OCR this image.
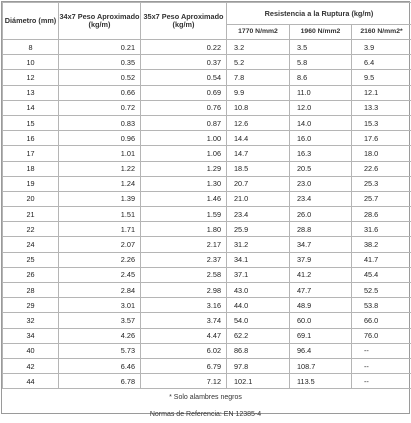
Diámetro (mm)	34x7 Peso Aproximado (kg/m)	35x7 Peso Aproximado (kg/m)	Resistencia a la Ruptura (kg/m)		
			1770 N/mm2	1960 N/mm2	2160 N/mm2*
8	0.21	0.22	3.2	3.5	3.9
10	0.35	0.37	5.2	5.8	6.4
12	0.52	0.54	7.8	8.6	9.5
13	0.66	0.69	9.9	11.0	12.1
14	0.72	0.76	10.8	12.0	13.3
15	0.83	0.87	12.6	14.0	15.3
16	0.96	1.00	14.4	16.0	17.6
17	1.01	1.06	14.7	16.3	18.0
18	1.22	1.29	18.5	20.5	22.6
19	1.24	1.30	20.7	23.0	25.3
20	1.39	1.46	21.0	23.4	25.7
21	1.51	1.59	23.4	26.0	28.6
22	1.71	1.80	25.9	28.8	31.6
24	2.07	2.17	31.2	34.7	38.2
25	2.26	2.37	34.1	37.9	41.7
26	2.45	2.58	37.1	41.2	45.4
28	2.84	2.98	43.0	47.7	52.5
29	3.01	3.16	44.0	48.9	53.8
32	3.57	3.74	54.0	60.0	66.0
34	4.26	4.47	62.2	69.1	76.0
40	5.73	6.02	86.8	96.4	--
42	6.46	6.79	97.8	108.7	--
44	6.78	7.12	102.1	113.5	--
* Solo alambres negros
Normas de Referencia: EN 12385-4
